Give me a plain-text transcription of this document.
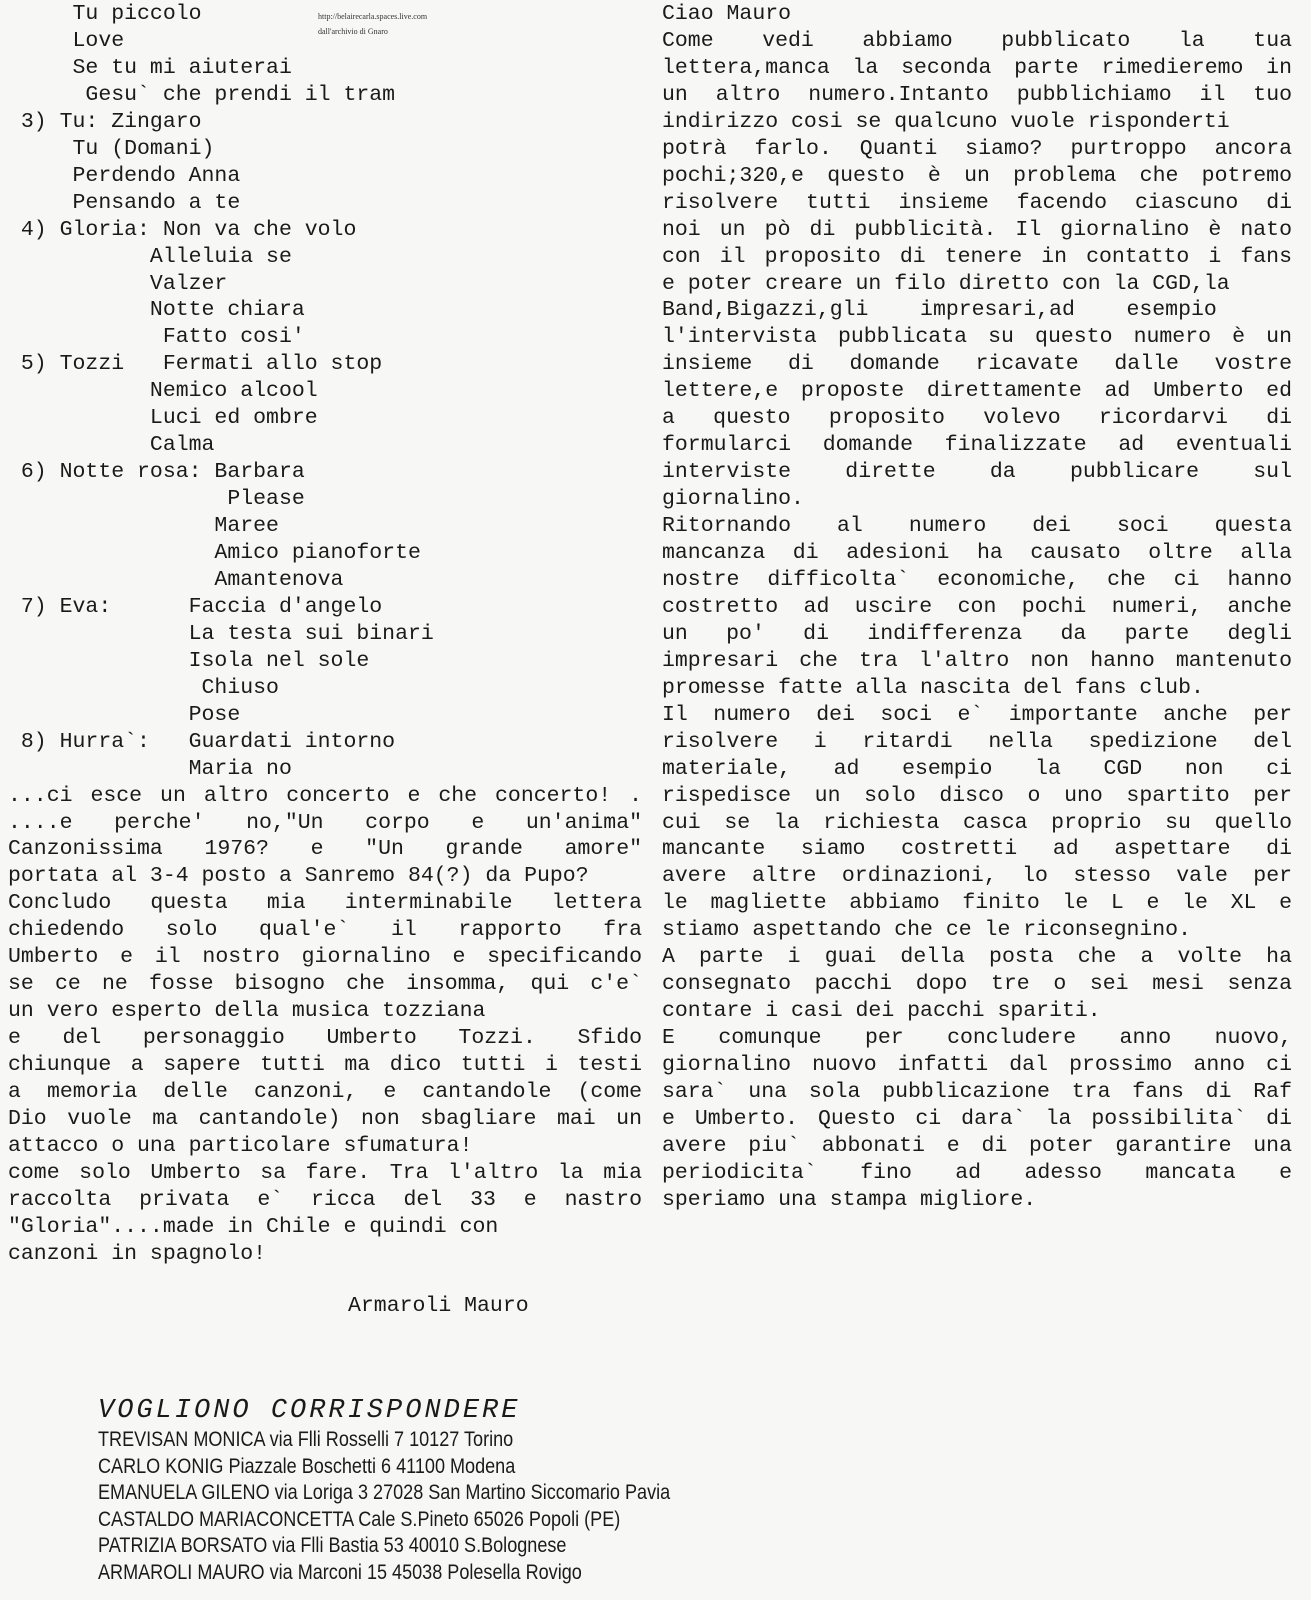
http://belairecarla.spaces.live.com
dall'archivio di Gnaro
Tu piccolo
Love
Se tu mi aiuterai
Gesu` che prendi il tram
3) Tu: Zingaro
Tu (Domani)
Perdendo Anna
Pensando a te
4) Gloria: Non va che volo
Alleluia se
Valzer
Notte chiara
Fatto cosi'
5) Tozzi   Fermati allo stop
Nemico alcool
Luci ed ombre
Calma
6) Notte rosa: Barbara
Please
Maree
Amico pianoforte
Amantenova
7) Eva:      Faccia d'angelo
La testa sui binari
Isola nel sole
Chiuso
Pose
8) Hurra`:   Guardati intorno
Maria no
...ci esce un altro concerto e che concerto! .
....e perche' no,"Un corpo e un'anima"
Canzonissima 1976? e "Un grande amore"
portata al 3-4 posto a Sanremo 84(?) da Pupo?
Concludo questa mia interminabile lettera
chiedendo solo qual'e` il rapporto fra
Umberto e il nostro giornalino e specificando
se ce ne fosse bisogno che insomma, qui c'e`
un vero esperto della musica tozziana
e del personaggio Umberto Tozzi. Sfido
chiunque a sapere tutti ma dico tutti i testi
a memoria delle canzoni, e cantandole (come
Dio vuole ma cantandole) non sbagliare mai un
attacco o una particolare sfumatura!
come solo Umberto sa fare. Tra l'altro la mia
raccolta privata e` ricca del 33 e nastro
"Gloria"....made in Chile e quindi con
canzoni in spagnolo!
Armaroli Mauro
Ciao Mauro
Come vedi abbiamo pubblicato la tua
lettera,manca la seconda parte rimedieremo in
un altro numero.Intanto pubblichiamo il tuo
indirizzo cosi se qualcuno vuole risponderti
potrà farlo. Quanti siamo? purtroppo ancora
pochi;320,e questo è un problema che potremo
risolvere tutti insieme facendo ciascuno di
noi un pò di pubblicità. Il giornalino è nato
con il proposito di tenere in contatto i fans
e poter creare un filo diretto con la CGD,la
Band,Bigazzi,gli    impresari,ad    esempio
l'intervista pubblicata su questo numero è un
insieme di domande ricavate dalle vostre
lettere,e proposte direttamente ad Umberto ed
a questo proposito volevo ricordarvi di
formularci domande finalizzate ad eventuali
interviste dirette da pubblicare sul
giornalino.
Ritornando al numero dei soci questa
mancanza di adesioni ha causato oltre alla
nostre difficolta` economiche, che ci hanno
costretto ad uscire con pochi numeri, anche
un po' di indifferenza da parte degli
impresari che tra l'altro non hanno mantenuto
promesse fatte alla nascita del fans club.
Il numero dei soci e` importante anche per
risolvere i ritardi nella spedizione del
materiale, ad esempio la CGD non ci
rispedisce un solo disco o uno spartito per
cui se la richiesta casca proprio su quello
mancante siamo costretti ad aspettare di
avere altre ordinazioni, lo stesso vale per
le magliette abbiamo finito le L e le XL e
stiamo aspettando che ce le riconsegnino.
A parte i guai della posta che a volte ha
consegnato pacchi dopo tre o sei mesi senza
contare i casi dei pacchi spariti.
E comunque per concludere anno nuovo,
giornalino nuovo infatti dal prossimo anno ci
sara` una sola pubblicazione tra fans di Raf
e Umberto. Questo ci dara` la possibilita` di
avere piu` abbonati e di poter garantire una
periodicita` fino ad adesso mancata e
speriamo una stampa migliore.
VOGLIONO CORRISPONDERE
TREVISAN MONICA via Flli Rosselli 7 10127 Torino
CARLO KONIG Piazzale Boschetti 6 41100 Modena
EMANUELA GILENO via Loriga 3 27028 San Martino Siccomario Pavia
CASTALDO MARIACONCETTA Cale S.Pineto 65026 Popoli (PE)
PATRIZIA BORSATO via Flli Bastia 53 40010 S.Bolognese
ARMAROLI MAURO via Marconi 15 45038 Polesella Rovigo
